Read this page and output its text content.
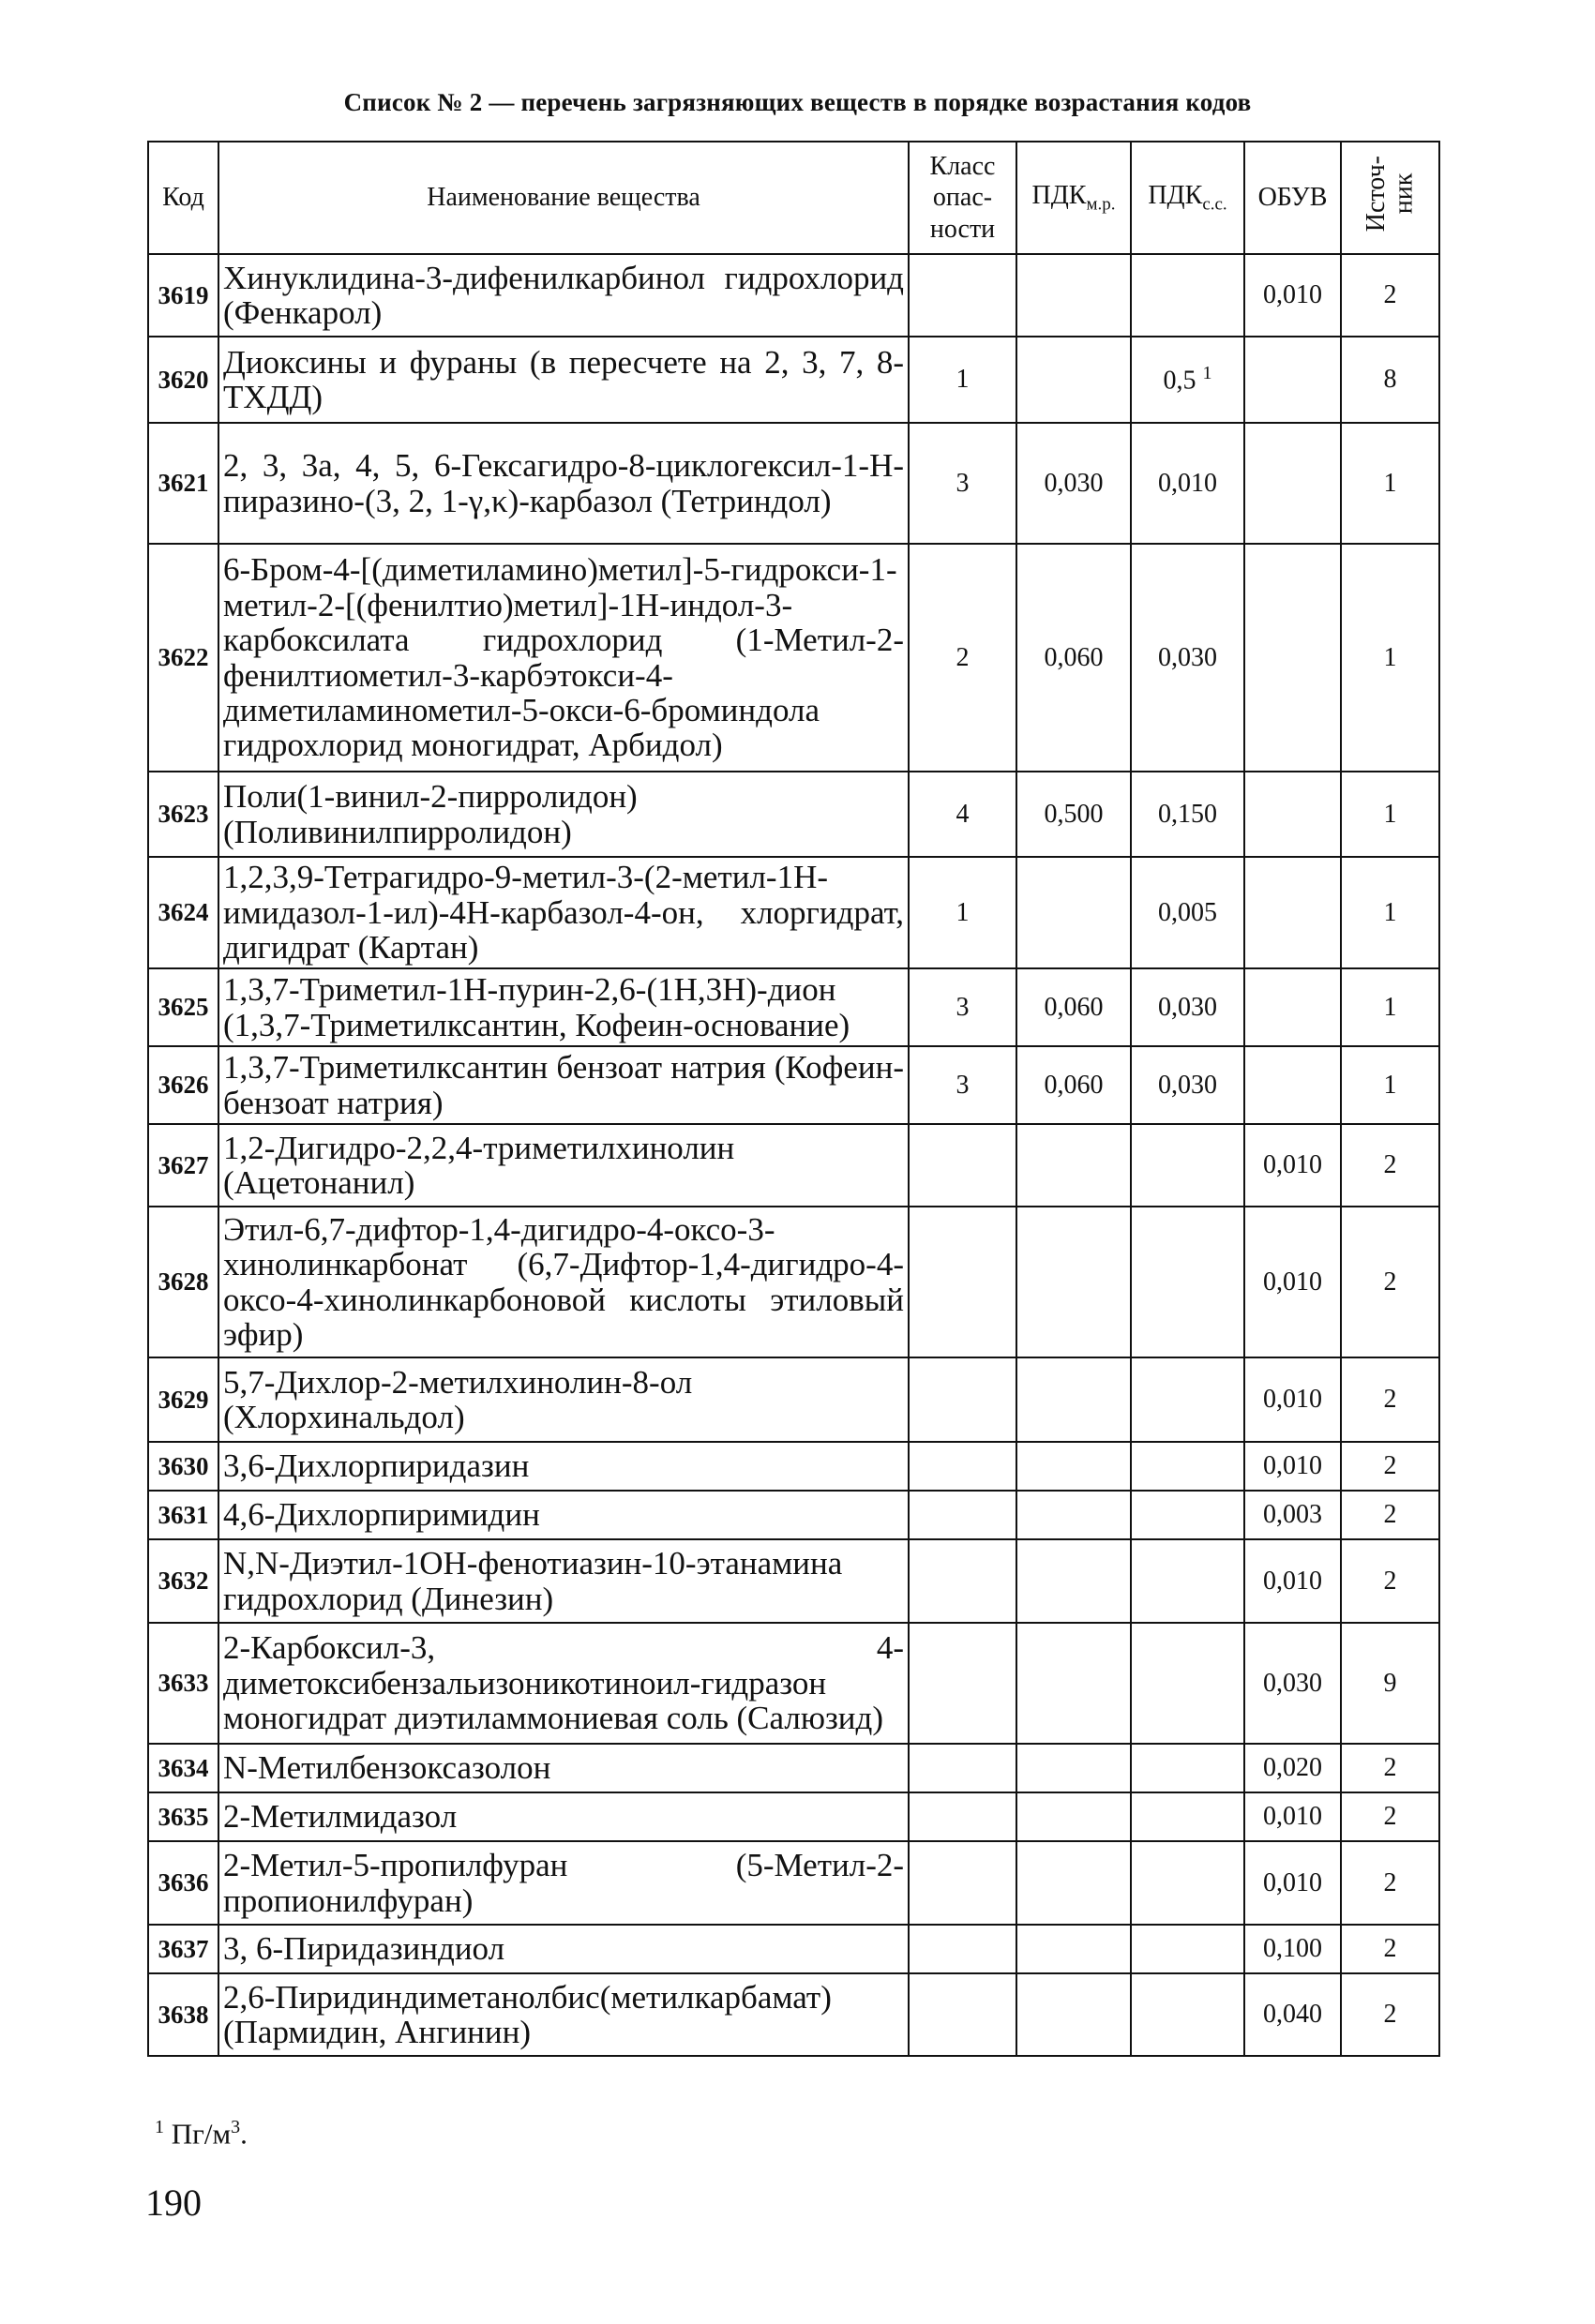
Список № 2 — перечень загрязняющих веществ в порядке возрастания кодов
Код	Наименование вещества	Класс
опас-
ности	$ПДК_{м.р.}$	$ПДК_{с.с.}$	ОБУВ	Источ-
ник
3619	Хинуклидина-3-дифенилкарбинол гидрохлорид (Фенкарол)				0,010	2
3620	Диоксины и фураны (в пересчете на 2, 3, 7, 8-ТХДД)	1		0,5 $^1$		8
3621	2, 3, 3а, 4, 5, 6-Гексагидро-8-циклогексил-1-Н-пиразино-(3, 2, 1-γ,κ)-карбазол (Тетриндол)	3	0,030	0,010		1
3622	6-Бром-4-[(диметиламино)метил]-5-гидрокси-1-метил-2-[(фенилтио)метил]-1Н-индол-3-карбоксилата гидрохлорид (1-Метил-2-фенилтиометил-3-карбэтокси-4-диметиламинометил-5-окси-6-броминдола гидрохлорид моногидрат, Арбидол)	2	0,060	0,030		1
3623	Поли(1-винил-2-пирролидон) (Поливинилпирролидон)	4	0,500	0,150		1
3624	1,2,3,9-Тетрагидро-9-метил-3-(2-метил-1Н-имидазол-1-ил)-4Н-карбазол-4-он, хлоргидрат, дигидрат (Картан)	1		0,005		1
3625	1,3,7-Триметил-1Н-пурин-2,6-(1Н,3Н)-дион (1,3,7-Триметилксантин, Кофеин-основание)	3	0,060	0,030		1
3626	1,3,7-Триметилксантин бензоат натрия (Кофеин-бензоат натрия)	3	0,060	0,030		1
3627	1,2-Дигидро-2,2,4-триметилхинолин (Ацетонанил)				0,010	2
3628	Этил-6,7-дифтор-1,4-дигидро-4-оксо-3-хинолинкарбонат (6,7-Дифтор-1,4-дигидро-4-оксо-4-хинолинкарбоновой кислоты этиловый эфир)				0,010	2
3629	5,7-Дихлор-2-метилхинолин-8-ол (Хлорхинальдол)				0,010	2
3630	3,6-Дихлорпиридазин				0,010	2
3631	4,6-Дихлорпиримидин				0,003	2
3632	N,N-Диэтил-1ОН-фенотиазин-10-этанамина гидрохлорид (Динезин)				0,010	2
3633	2-Карбоксил-3, 4-диметоксибензальизоникотиноил-гидразон моногидрат диэтиламмониевая соль (Салюзид)				0,030	9
3634	N-Метилбензоксазолон				0,020	2
3635	2-Метилмидазол				0,010	2
3636	2-Метил-5-пропилфуран (5-Метил-2-пропионилфуран)				0,010	2
3637	3, 6-Пиридазиндиол				0,100	2
3638	2,6-Пиридиндиметанолбис(метилкарбамат) (Пармидин, Ангинин)				0,040	2
$^1$ $Пг/м^3$.
190
